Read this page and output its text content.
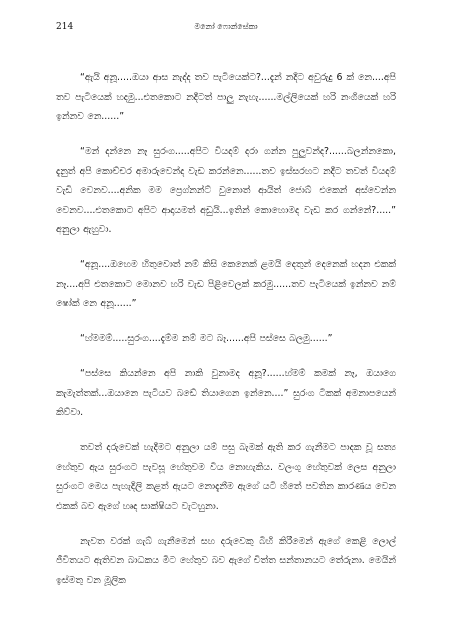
214	මනෝ ෆොන්සේකා

“ඇයි අනූ.....ඔයා ආස නැද්ද තව පැටියෙක්ට?...දැන් නදීට අවුරුදු 6 ක් නෙ....අපි තව පැටියෙක් හදමු...එතකොට නදීටත් පාලු නැහැ......මල්ලියෙක් හරි නංගියෙක් හරි ඉන්නව නෙ......”

“මන් දන්නෙ නෑ සුරංග.....අපිට වියදම් දරා ගන්න පුලුවන්ද?......බලන්නකො, දැනුත් අපි කොච්චර අමාරුවෙන්ද වැඩ කරන්නෙ......තව ඉස්සරහට නදීට තවත් වියදම් වැඩි වෙනව....අනික මම ප්‍රෙග්නන්ට් වුනොත් ආයිත් ජොබ් එකෙන් අස්වෙන්න වෙනව....එතකොට අපිට ආදායමත් අඩුයි...ඉතින් කොහොමද වැඩ කර ගන්නේ?.....” අනුලා ඇහුවා.

“අනූ....ඔහෙම හිතුවොත් නම් කිසි කෙනෙක් ළමයි දෙතුන් දෙනෙක් හදන එකක් නෑ....අපි එතකොට මොනව හරි වැඩ පිළිවෙලක් කරමු......තව පැටියෙක් ඉන්නව නම් ෂෝක් නෙ අනූ......”

“හ්මමම්.....සුරංග....දැම්ම නම් මට බෑ......අපි පස්සෙ බලමු......”

“පස්සෙ කියන්නෙ අපි නාකි වුනාමද අනූ?......හ්මම් කමක් නෑ, ඔයාගෙ කැමැත්තක්...ඔයානෙ පැටියව බඩේ තියාගෙන ඉන්නෙ....” සුරංග ටිකක් අමනාපයෙන් කිව්වා.

තවත් දරුවෙක් හැදීමට අනුලා යම් පසු බැමක් ඇති කර ගැනීමට පාදක වූ සත්‍ය හේතුව ඇය සුරංගට පැවසූ හේතුවම විය නොහැකිය. වලංගු හේතුවක් ලෙස අනුලා සුරංගට මෙය පැහැදිලි කළත් ඇයට නොදැනීම ඇගේ යටි හිතේ පවතින කාරණය වෙන එකක් බව ඇගේ හෘද සාක්ෂියට වැටහුනා.

නැවත වරක් ගැබ් ගැනීමෙන් සහ දරුවෙකු බිහි කිරීමෙන් ඇගේ කෙළි ලොල් ජීවිතයට ඇතිවන බාධකය මීට හේතුව බව ඇගේ චිත්ත සන්තානයට තේරුනා. මෙයින් ඉස්මතු වන මූලික
